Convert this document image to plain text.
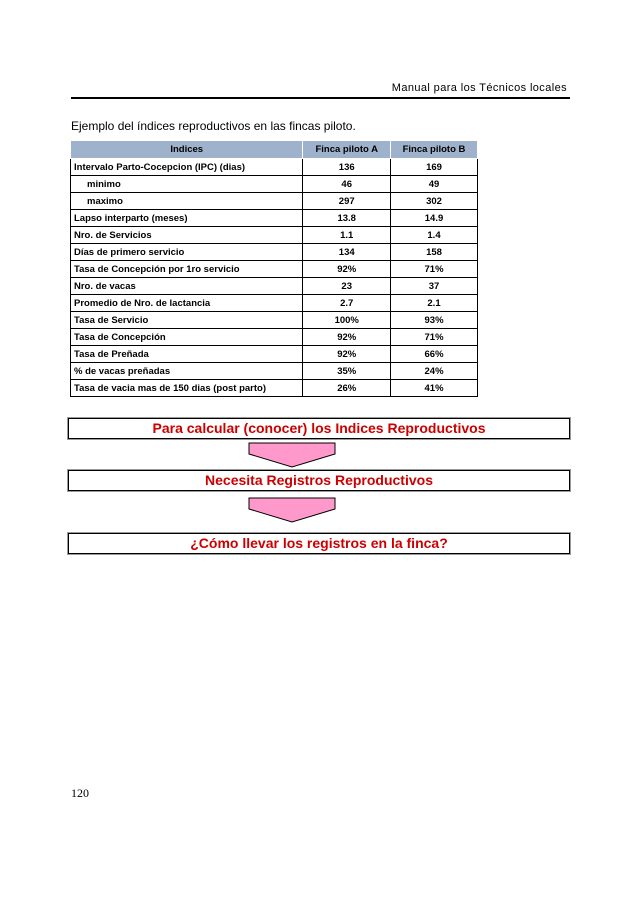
Manual para los Técnicos locales
Ejemplo del índices reproductivos en las fincas piloto.
Indices	Finca piloto A	Finca piloto B
Intervalo Parto-Cocepcion (IPC) (dias)	136	169
minimo	46	49
maximo	297	302
Lapso interparto (meses)	13.8	14.9
Nro. de Servicios	1.1	1.4
Días de primero servicio	134	158
Tasa de Concepción por 1ro servicio	92%	71%
Nro. de vacas	23	37
Promedio de Nro. de lactancia	2.7	2.1
Tasa de Servicio	100%	93%
Tasa de Concepción	92%	71%
Tasa de Preñada	92%	66%
% de vacas preñadas	35%	24%
Tasa de vacia mas de 150 dias (post parto)	26%	41%
Para calcular (conocer) los Indices Reproductivos
Necesita Registros Reproductivos
¿Cómo llevar los registros en la finca?
120
